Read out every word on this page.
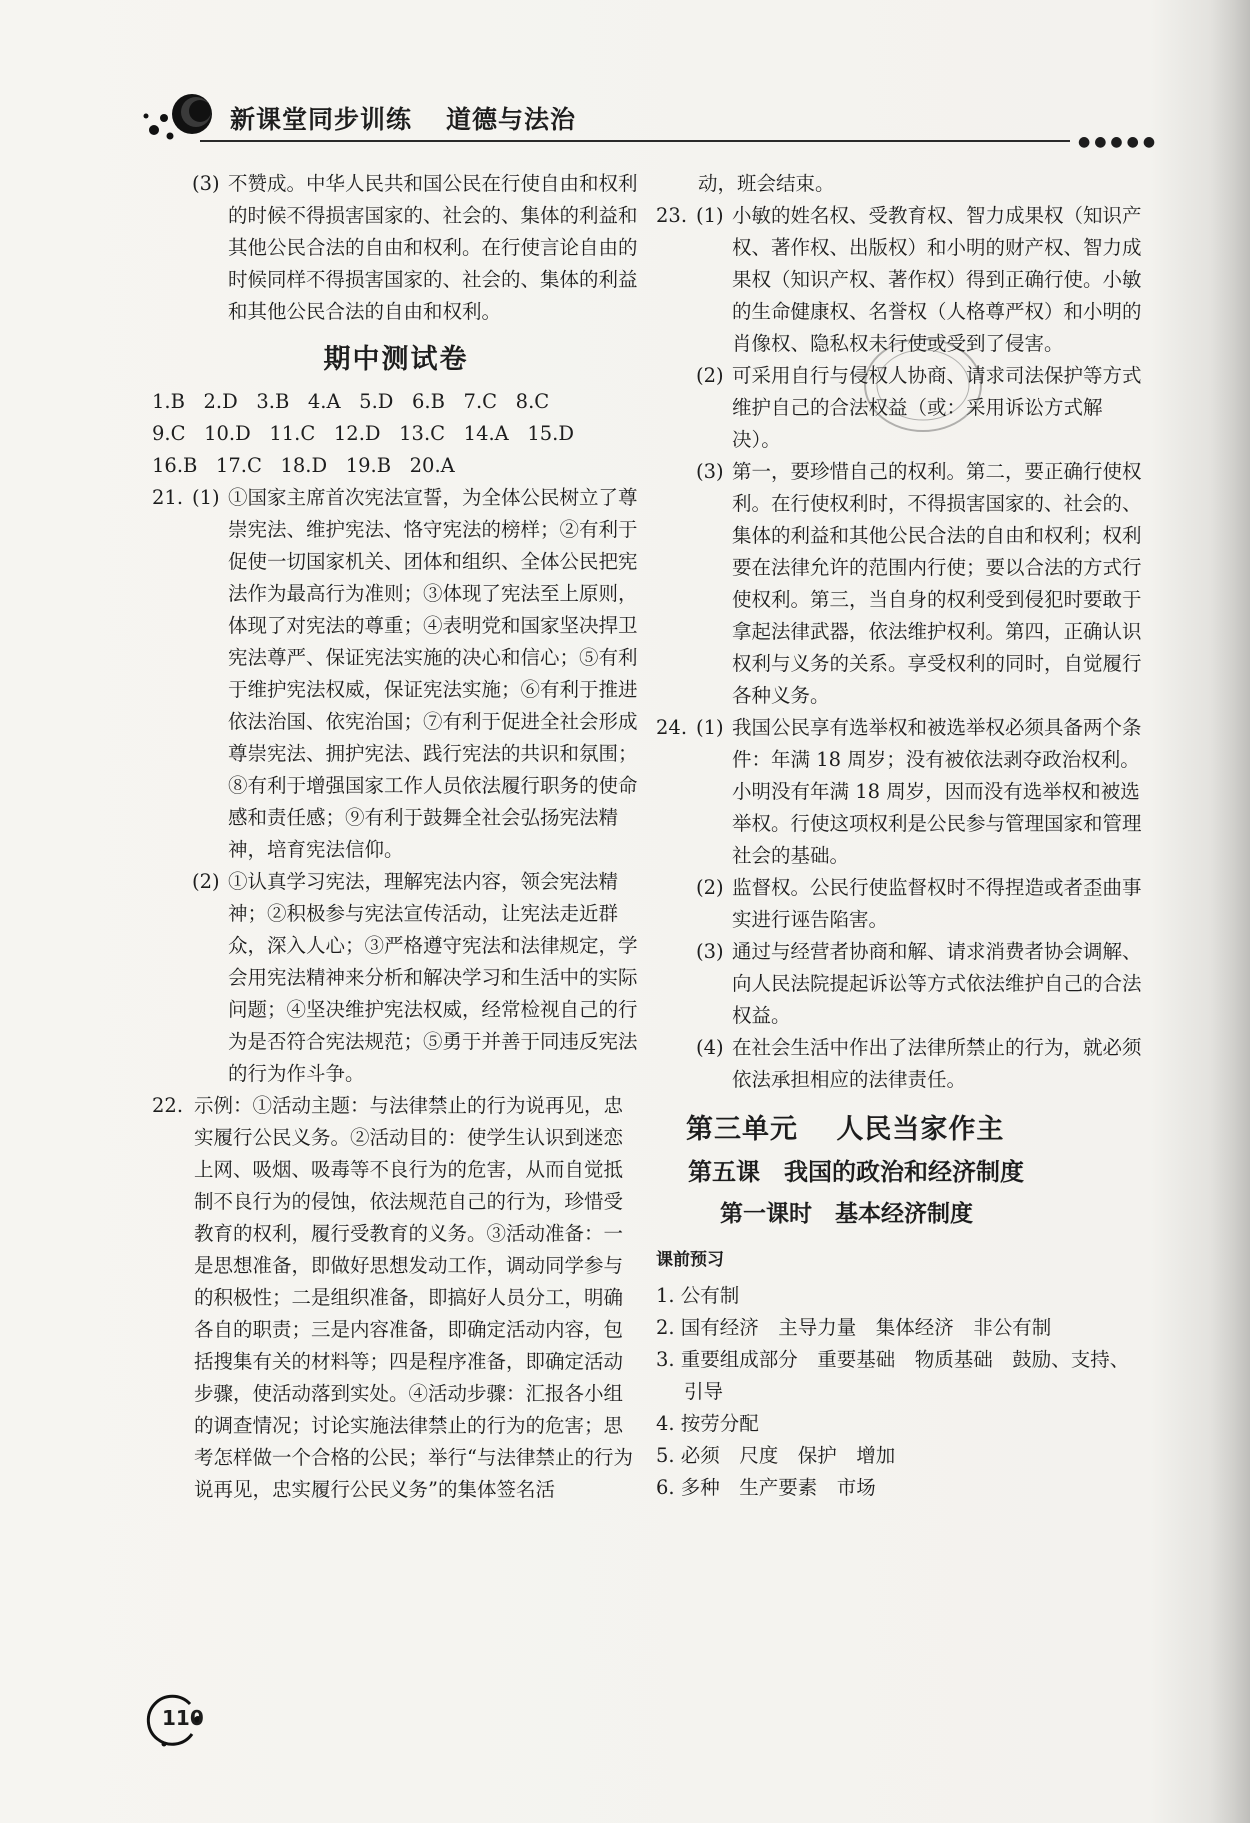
新课堂同步训练 道德与法治
●●●●●

(3) 不赞成。中华人民共和国公民在行使自由和权利的时候不得损害国家的、社会的、集体的利益和其他公民合法的自由和权利。在行使言论自由的时候同样不得损害国家的、社会的、集体的利益和其他公民合法的自由和权利。

期中测试卷

1.B   2.D   3.B   4.A   5.D   6.B   7.C   8.C

9.C   10.D   11.C   12.D   13.C   14.A   15.D

16.B   17.C   18.D   19.B   20.A

21. (1) ①国家主席首次宪法宣誓，为全体公民树立了尊崇宪法、维护宪法、恪守宪法的榜样；②有利于促使一切国家机关、团体和组织、全体公民把宪法作为最高行为准则；③体现了宪法至上原则，体现了对宪法的尊重；④表明党和国家坚决捍卫宪法尊严、保证宪法实施的决心和信心；⑤有利于维护宪法权威，保证宪法实施；⑥有利于推进依法治国、依宪治国；⑦有利于促进全社会形成尊崇宪法、拥护宪法、践行宪法的共识和氛围；⑧有利于增强国家工作人员依法履行职务的使命感和责任感；⑨有利于鼓舞全社会弘扬宪法精神，培育宪法信仰。

(2) ①认真学习宪法，理解宪法内容，领会宪法精神；②积极参与宪法宣传活动，让宪法走近群众，深入人心；③严格遵守宪法和法律规定，学会用宪法精神来分析和解决学习和生活中的实际问题；④坚决维护宪法权威，经常检视自己的行为是否符合宪法规范；⑤勇于并善于同违反宪法的行为作斗争。

22. 示例：①活动主题：与法律禁止的行为说再见，忠实履行公民义务。②活动目的：使学生认识到迷恋上网、吸烟、吸毒等不良行为的危害，从而自觉抵制不良行为的侵蚀，依法规范自己的行为，珍惜受教育的权利，履行受教育的义务。③活动准备：一是思想准备，即做好思想发动工作，调动同学参与的积极性；二是组织准备，即搞好人员分工，明确各自的职责；三是内容准备，即确定活动内容，包括搜集有关的材料等；四是程序准备，即确定活动步骤，使活动落到实处。④活动步骤：汇报各小组的调查情况；讨论实施法律禁止的行为的危害；思考怎样做一个合格的公民；举行“与法律禁止的行为说再见，忠实履行公民义务”的集体签名活

动，班会结束。

23. (1) 小敏的姓名权、受教育权、智力成果权（知识产权、著作权、出版权）和小明的财产权、智力成果权（知识产权、著作权）得到正确行使。小敏的生命健康权、名誉权（人格尊严权）和小明的肖像权、隐私权未行使或受到了侵害。

(2) 可采用自行与侵权人协商、请求司法保护等方式维护自己的合法权益（或：采用诉讼方式解决）。

(3) 第一，要珍惜自己的权利。第二，要正确行使权利。在行使权利时，不得损害国家的、社会的、集体的利益和其他公民合法的自由和权利；权利要在法律允许的范围内行使；要以合法的方式行使权利。第三，当自身的权利受到侵犯时要敢于拿起法律武器，依法维护权利。第四，正确认识权利与义务的关系。享受权利的同时，自觉履行各种义务。

24. (1) 我国公民享有选举权和被选举权必须具备两个条件：年满 18 周岁；没有被依法剥夺政治权利。小明没有年满 18 周岁，因而没有选举权和被选举权。行使这项权利是公民参与管理国家和管理社会的基础。

(2) 监督权。公民行使监督权时不得捏造或者歪曲事实进行诬告陷害。

(3) 通过与经营者协商和解、请求消费者协会调解、向人民法院提起诉讼等方式依法维护自己的合法权益。

(4) 在社会生活中作出了法律所禁止的行为，就必须依法承担相应的法律责任。

第三单元　 人民当家作主
第五课　我国的政治和经济制度
第一课时　基本经济制度
课前预习

1. 公有制

2. 国有经济　主导力量　集体经济　非公有制

3. 重要组成部分　重要基础　物质基础　鼓励、支持、引导

4. 按劳分配

5. 必须　尺度　保护　增加

6. 多种　生产要素　市场

110
